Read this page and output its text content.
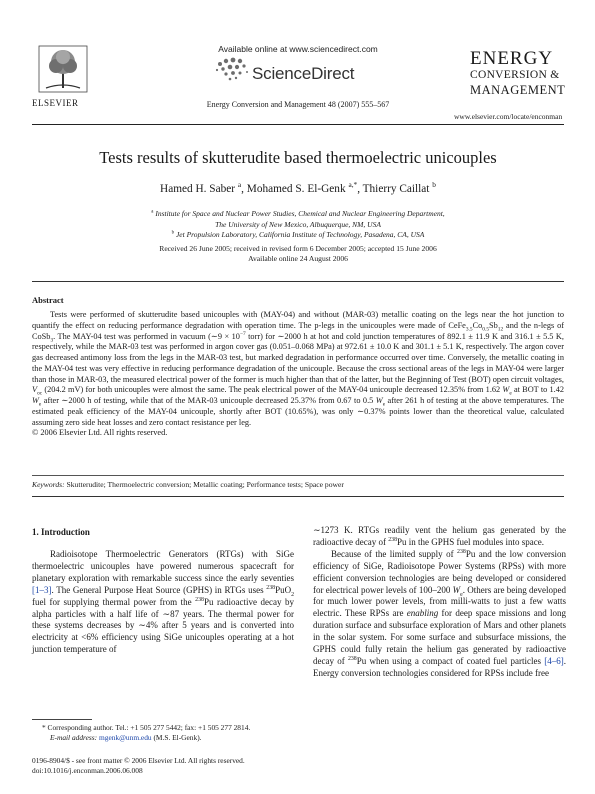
ELSEVIER
Available online at www.sciencedirect.com
ScienceDirect
Energy Conversion and Management 48 (2007) 555–567
ENERGY
CONVERSION &
MANAGEMENT
www.elsevier.com/locate/enconman
Tests results of skutterudite based thermoelectric unicouples
Hamed H. Saber $^a$, Mohamed S. El-Genk $^{a,*}$, Thierry Caillat $^b$
$^a$ Institute for Space and Nuclear Power Studies, Chemical and Nuclear Engineering Department,
The University of New Mexico, Albuquerque, NM, USA
$^b$ Jet Propulsion Laboratory, California Institute of Technology, Pasadena, CA, USA
Received 26 June 2005; received in revised form 6 December 2005; accepted 15 June 2006
Available online 24 August 2006
Abstract

Tests were performed of skutterudite based unicouples with (MAY-04) and without (MAR-03) metallic coating on the legs near the hot junction to quantify the effect on reducing performance degradation with operation time. The p-legs in the unicouples were made of $CeFe_{3.5}Co_{0.5}Sb_{12}$ and the n-legs of CoSb$_3$. The MAY-04 test was performed in vacuum (∼9 × $10^{-7}$ torr) for ∼2000 h at hot and cold junction temperatures of 892.1 ± 11.9 K and 316.1 ± 5.5 K, respectively, while the MAR-03 test was performed in argon cover gas (0.051–0.068 MPa) at 972.61 ± 10.0 K and 301.1 ± 5.1 K, respectively. The argon cover gas decreased antimony loss from the legs in the MAR-03 test, but marked degradation in performance occurred over time. Conversely, the metallic coating in the MAY-04 test was very effective in reducing performance degradation of the unicouple. Because the cross sectional areas of the legs in MAY-04 were larger than those in MAR-03, the measured electrical power of the former is much higher than that of the latter, but the Beginning of Test (BOT) open circuit voltages, $V_{oc}$ (204.2 mV) for both unicouples were almost the same. The peak electrical power of the MAY-04 unicouple decreased 12.35% from 1.62 $W_e$ at BOT to 1.42 $W_e$ after ∼2000 h of testing, while that of the MAR-03 unicouple decreased 25.37% from 0.67 to 0.5 $W_e$ after 261 h of testing at the above temperatures. The estimated peak efficiency of the MAY-04 unicouple, shortly after BOT (10.65%), was only ∼0.37% points lower than the theoretical value, calculated assuming zero side heat losses and zero contact resistance per leg.

© 2006 Elsevier Ltd. All rights reserved.

Keywords: Skutterudite; Thermoelectric conversion; Metallic coating; Performance tests; Space power
1. Introduction

Radioisotope Thermoelectric Generators (RTGs) with SiGe thermoelectric unicouples have powered numerous spacecraft for planetary exploration with remarkable success since the early seventies [1–3]. The General Purpose Heat Source (GPHS) in RTGs uses $^{238}$PuO$_2$ fuel for supplying thermal power from the $^{238}$Pu radioactive decay by alpha particles with a half life of ∼87 years. The thermal power for these systems decreases by ∼4% after 5 years and is converted into electricity at <6% efficiency using SiGe unicouples operating at a hot junction temperature of

∼1273 K. RTGs readily vent the helium gas generated by the radioactive decay of $^{238}$Pu in the GPHS fuel modules into space.

Because of the limited supply of $^{238}$Pu and the low conversion efficiency of SiGe, Radioisotope Power Systems (RPSs) with more efficient conversion technologies are being developed or considered for electrical power levels of 100–200 $W_e$. Others are being developed for much lower power levels, from milli-watts to just a few watts electric. These RPSs are enabling for deep space missions and long duration surface and subsurface exploration of Mars and other planets in the solar system. For some surface and subsurface missions, the GPHS could fully retain the helium gas generated by radioactive decay of $^{238}$Pu when using a compact of coated fuel particles [4–6]. Energy conversion technologies considered for RPSs include free

* Corresponding author. Tel.: +1 505 277 5442; fax: +1 505 277 2814.
E-mail address: mgenk@unm.edu (M.S. El-Genk).
0196-8904/$ - see front matter © 2006 Elsevier Ltd. All rights reserved.
doi:10.1016/j.enconman.2006.06.008
